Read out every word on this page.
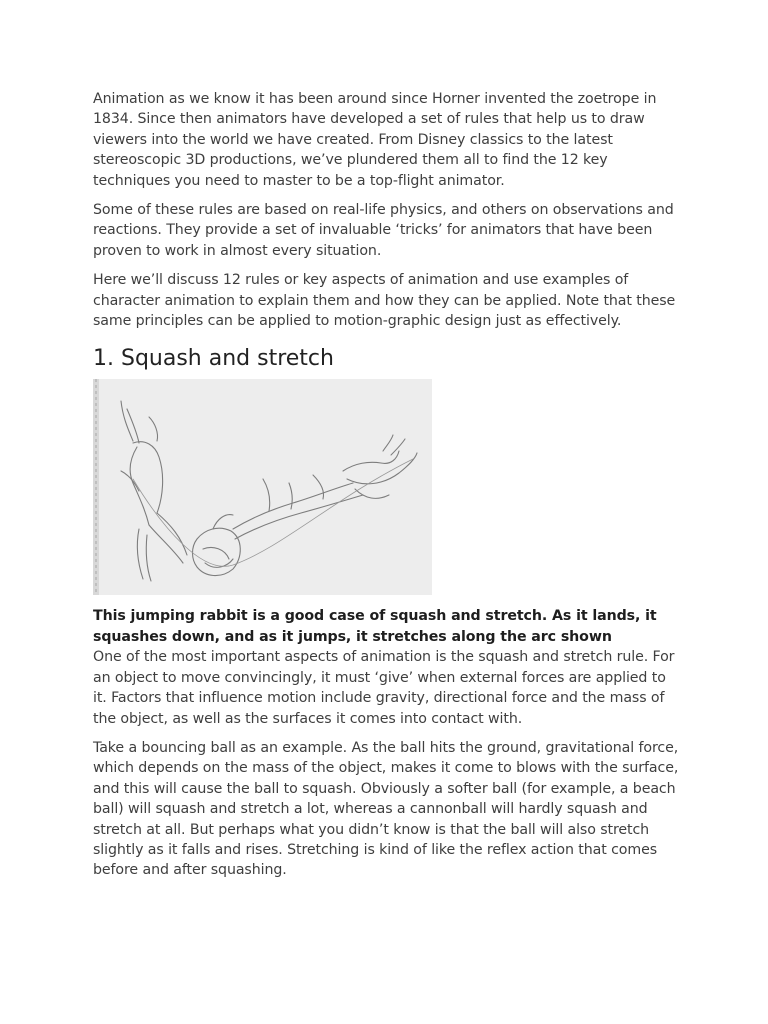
Animation as we know it has been around since Horner invented the zoetrope in 1834. Since then animators have developed a set of rules that help us to draw viewers into the world we have created. From Disney classics to the latest stereoscopic 3D productions, we’ve plundered them all to find the 12 key techniques you need to master to be a top-flight animator.

Some of these rules are based on real-life physics, and others on observations and reactions. They provide a set of invaluable ‘tricks’ for animators that have been proven to work in almost every situation.

Here we’ll discuss 12 rules or key aspects of animation and use examples of character animation to explain them and how they can be applied. Note that these same principles can be applied to motion-graphic design just as effectively.

1. Squash and stretch

This jumping rabbit is a good case of squash and stretch. As it lands, it squashes down, and as it jumps, it stretches along the arc shown

One of the most important aspects of animation is the squash and stretch rule. For an object to move convincingly, it must ‘give’ when external forces are applied to it. Factors that influence motion include gravity, directional force and the mass of the object, as well as the surfaces it comes into contact with.

Take a bouncing ball as an example. As the ball hits the ground, gravitational force, which depends on the mass of the object, makes it come to blows with the surface, and this will cause the ball to squash. Obviously a softer ball (for example, a beach ball) will squash and stretch a lot, whereas a cannonball will hardly squash and stretch at all. But perhaps what you didn’t know is that the ball will also stretch slightly as it falls and rises. Stretching is kind of like the reflex action that comes before and after squashing.
